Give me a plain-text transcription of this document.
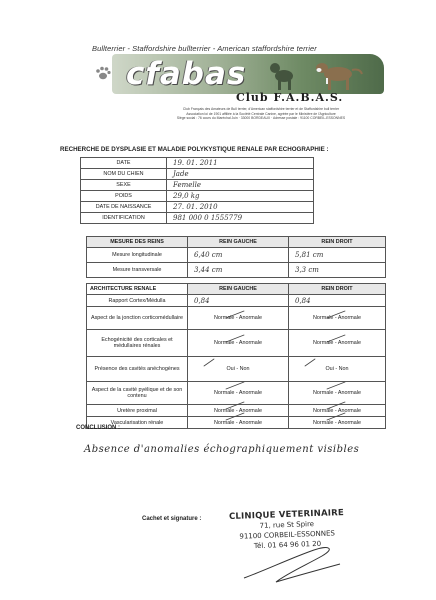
Bullterrier - Staffordshire bullterrier - American staffordshire terrier
cfabas
Club F.A.B.A.S.
Club Français des Amateurs de Bull terrier, d'American staffordshire terrier et de Staffordshire bull terrier
Association loi de 1901 affiliée à la Société Centrale Canine, agréée par le Ministère de l'Agriculture
Siège social : 76 cours du Maréchal Juin · 33000 BORDEAUX · Adresse postale : 91100 CORBEIL-ESSONNES
RECHERCHE DE DYSPLASIE ET MALADIE POLYKYSTIQUE RENALE PAR ECHOGRAPHIE :
DATE	19. 01. 2011
NOM DU CHIEN	Jade
SEXE	Femelle
POIDS	29,0 kg
DATE DE NAISSANCE	27. 01. 2010
IDENTIFICATION	981 000 0 1555779
MESURE DES REINS	REIN GAUCHE	REIN DROIT
Mesure longitudinale	6,40 cm	5,81 cm
Mesure transversale	3,44 cm	3,3 cm
ARCHITECTURE RENALE	REIN GAUCHE	REIN DROIT
Rapport Cortex/Médulla	0,84	0,84
Aspect de la jonction corticomédullaire	Normale - Anormale	Normale - Anormale
Echogénicité des corticales et médullaires rénales	Normale - Anormale	Normale - Anormale
Présence des cavités anéchogènes	Oui - Non	Oui - Non
Aspect de la cavité pyélique et de son contenu	Normale - Anormale	Normale - Anormale
Uretère proximal	Normale - Anormale	Normale - Anormale
Vascularisation rénale	Normale - Anormale	Normale - Anormale
CONCLUSION :
Absence d'anomalies échographiquement visibles
Cachet et signature :	CLINIQUE VETERINAIRE
71, rue St Spire
91100 CORBEIL-ESSONNES
Tél. 01 64 96 01 20
